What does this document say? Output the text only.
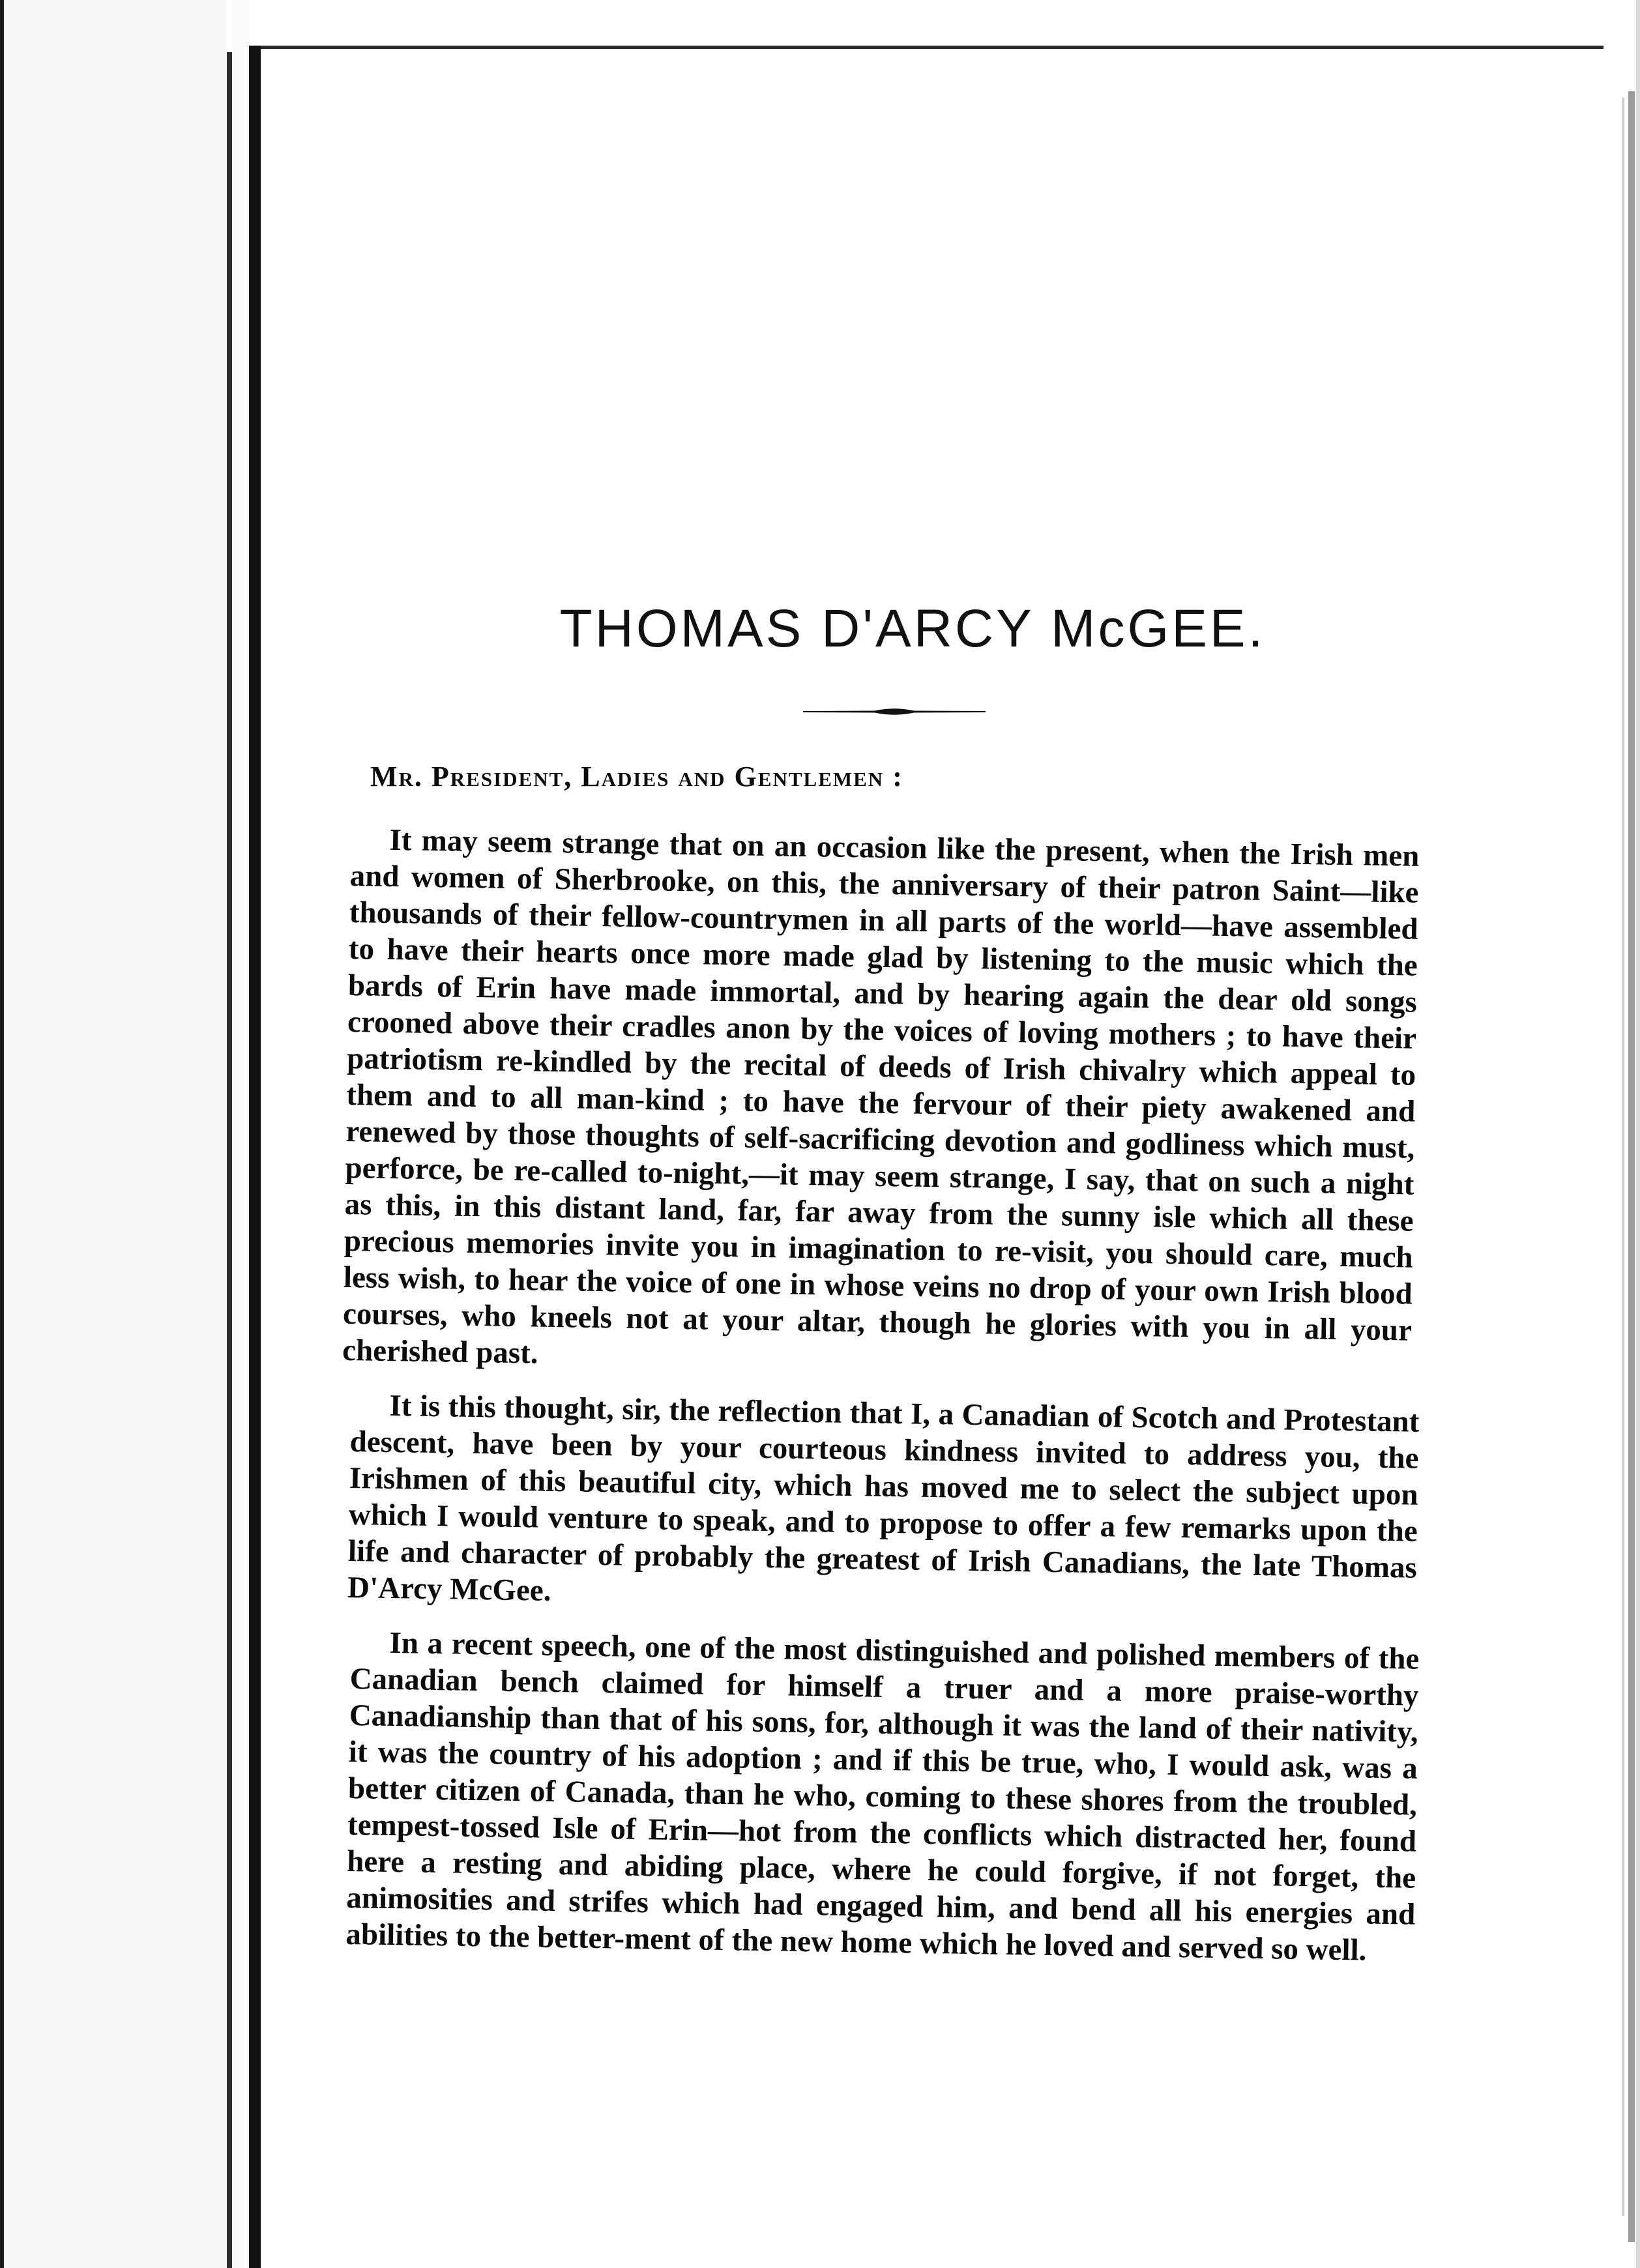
THOMAS D'ARCY McGEE.

Mr. President, Ladies and Gentlemen :

It may seem strange that on an occasion like the present, when the Irish men and women of Sherbrooke, on this, the anniversary of their patron Saint—like thousands of their fellow-countrymen in all parts of the world—have assembled to have their hearts once more made glad by listening to the music which the bards of Erin have made immortal, and by hearing again the dear old songs crooned above their cradles anon by the voices of loving mothers ; to have their patriotism re-kindled by the recital of deeds of Irish chivalry which appeal to them and to all man-kind ; to have the fervour of their piety awakened and renewed by those thoughts of self-sacrificing devotion and godliness which must, perforce, be re-called to-night,—it may seem strange, I say, that on such a night as this, in this distant land, far, far away from the sunny isle which all these precious memories invite you in imagination to re-visit, you should care, much less wish, to hear the voice of one in whose veins no drop of your own Irish blood courses, who kneels not at your altar, though he glories with you in all your cherished past.

It is this thought, sir, the reflection that I, a Canadian of Scotch and Protestant descent, have been by your courteous kindness invited to address you, the Irishmen of this beautiful city, which has moved me to select the subject upon which I would venture to speak, and to propose to offer a few remarks upon the life and character of probably the greatest of Irish Canadians, the late Thomas D'Arcy McGee.

In a recent speech, one of the most distinguished and polished members of the Canadian bench claimed for himself a truer and a more praise-worthy Canadianship than that of his sons, for, although it was the land of their nativity, it was the country of his adoption ; and if this be true, who, I would ask, was a better citizen of Canada, than he who, coming to these shores from the troubled, tempest-tossed Isle of Erin—hot from the conflicts which distracted her, found here a resting and abiding place, where he could forgive, if not forget, the animosities and strifes which had engaged him, and bend all his energies and abilities to the better-ment of the new home which he loved and served so well.
